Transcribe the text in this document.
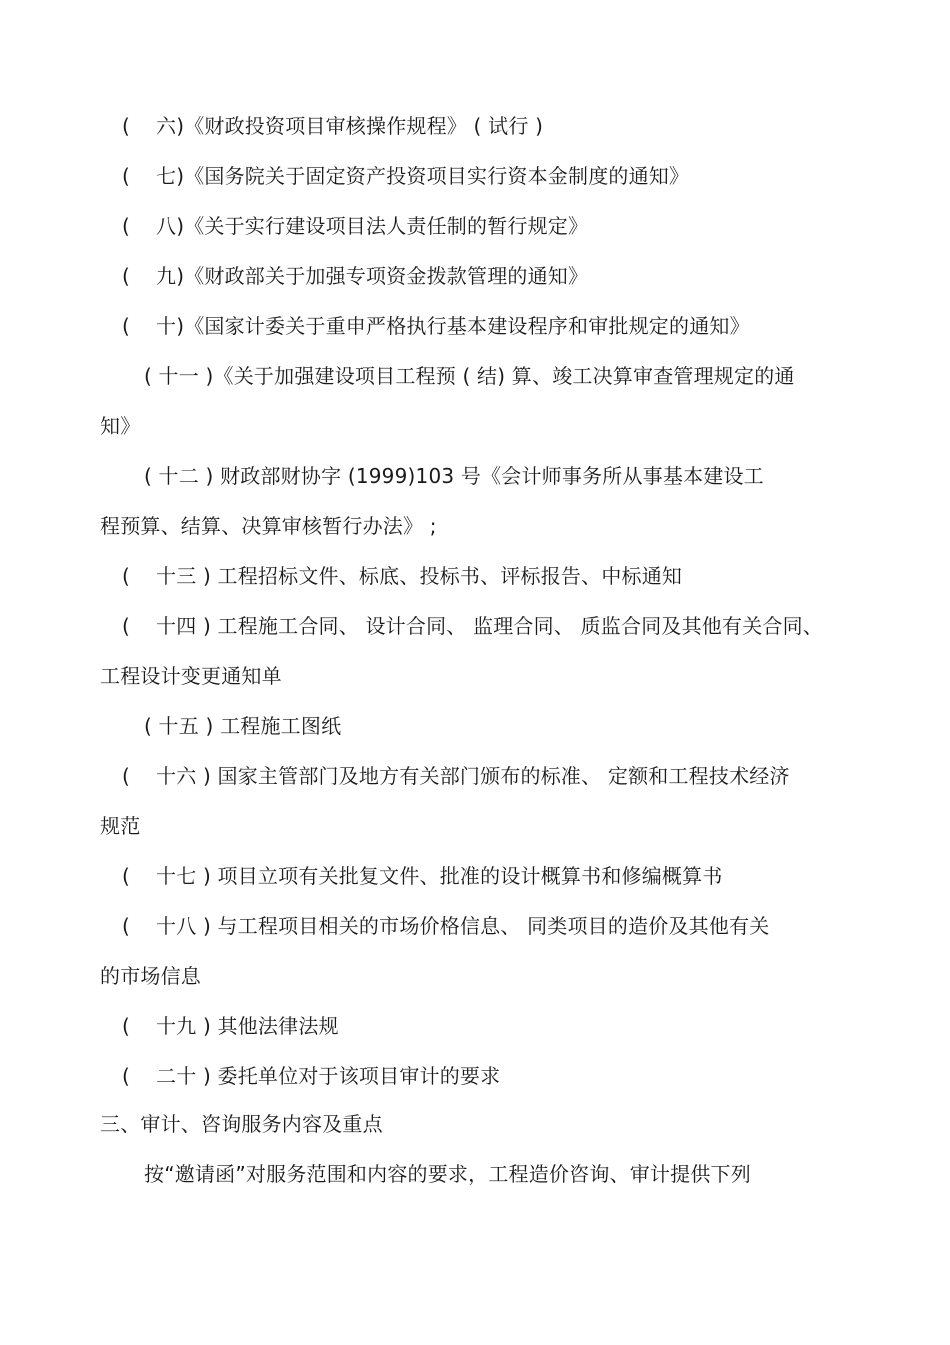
( 六)《财政投资项目审核操作规程》 ( 试行 )
( 七)《国务院关于固定资产投资项目实行资本金制度的通知》
( 八)《关于实行建设项目法人责任制的暂行规定》
( 九)《财政部关于加强专项资金拨款管理的通知》
( 十)《国家计委关于重申严格执行基本建设程序和审批规定的通知》
( 十一 )《关于加强建设项目工程预 ( 结) 算、竣工决算审查管理规定的通
知》
( 十二 ) 财政部财协字 (1999)103 号《会计师事务所从事基本建设工
程预算、结算、决算审核暂行办法》 ;
( 十三 ) 工程招标文件、标底、投标书、评标报告、中标通知
( 十四 ) 工程施工合同、 设计合同、 监理合同、 质监合同及其他有关合同、
工程设计变更通知单
( 十五 ) 工程施工图纸
( 十六 ) 国家主管部门及地方有关部门颁布的标准、 定额和工程技术经济
规范
( 十七 ) 项目立项有关批复文件、批准的设计概算书和修编概算书
( 十八 ) 与工程项目相关的市场价格信息、 同类项目的造价及其他有关
的市场信息
( 十九 ) 其他法律法规
( 二十 ) 委托单位对于该项目审计的要求
三、审计、咨询服务内容及重点
按“邀请函”对服务范围和内容的要求，工程造价咨询、审计提供下列
